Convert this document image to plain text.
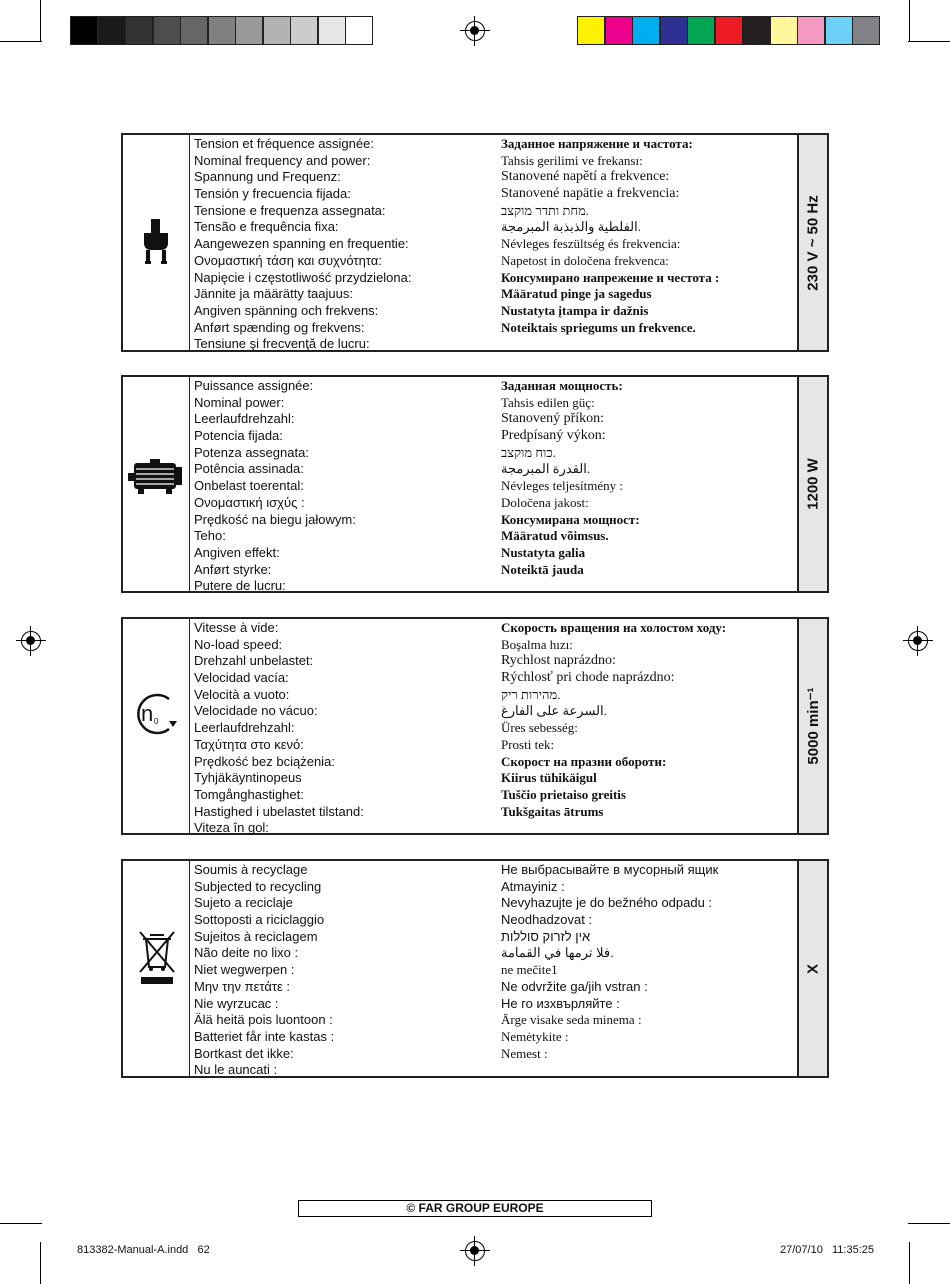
Tension et fréquence assignée:
Nominal frequency and power:
Spannung und Frequenz:
Tensión y frecuencia fijada:
Tensione e frequenza assegnata:
Tensão e frequência fixa:
Aangewezen spanning en frequentie:
Ονομαστική τάση και συχνότητα:
Napięcie i częstotliwość przydzielona:
Jännite ja määrätty taajuus:
Angiven spänning och frekvens:
Anført spænding og frekvens:
Tensiune şi frecvenţă de lucru:
Заданное напряжение и частота:
Tahsis gerilimi ve frekansı:
Stanovené napětí a frekvence:
Stanovené napätie a frekvencia:
מחת ותדר מוקצב.
الفلطية والذبذبة المبرمجة.
Névleges feszültség és frekvencia:
Napetost in določena frekvenca:
Консумирано напрежение и честота :
Määratud pinge ja sagedus
Nustatyta įtampa ir dažnis
Noteiktais spriegums un frekvence.
230 V ~ 50 Hz
Puissance assignée:
Nominal power:
Leerlaufdrehzahl:
Potencia fijada:
Potenza assegnata:
Potência assinada:
Onbelast toerental:
Ονομαστική ισχύς :
Prędkość na biegu jałowym:
Teho:
Angiven effekt:
Anført styrke:
Putere de lucru:
Заданная мощность:
Tahsis edilen güç:
Stanovený příkon:
Predpísaný výkon:
כוח מוקצב.
القدرة المبرمجة.
Névleges teljesítmény :
Določena jakost:
Консумирана мощност:
Määratud võimsus.
Nustatyta galia
Noteiktā jauda
1200 W
n 0
Vitesse à vide:
No-load speed:
Drehzahl unbelastet:
Velocidad vacía:
Velocità a vuoto:
Velocidade no vácuo:
Leerlaufdrehzahl:
Ταχύτητα στο κενό:
Prędkość bez bciążenia:
Tyhjäkäyntinopeus
Tomgånghastighet:
Hastighed i ubelastet tilstand:
Viteza în gol:
Скорость вращения на холостом ходу:
Boşalma hızı:
Rychlost naprázdno:
Rýchlosť pri chode naprázdno:
מהירות ריק.
السرعة على الفارغ.
Üres sebesség:
Prosti tek:
Скорост на празни обороти:
Kiirus tühikäigul
Tuščio prietaiso greitis
Tukšgaitas ātrums
5000 min⁻¹
Soumis à recyclage
Subjected to recycling
Sujeto a reciclaje
Sottoposti a riciclaggio
Sujeitos à reciclagem
Não deite no lixo :
Niet wegwerpen :
Μην την πετάτε :
Nie wyrzucac :
Älä heitä pois luontoon :
Batteriet får inte kastas :
Bortkast det ikke:
Nu le auncati :
Не выбрасывайте в мусорный ящик
Atmayiniz :
Nevyhazujte je do bežného odpadu :
Neodhadzovat :
אין לזרוק סוללות
فلا ترمها في القمامة.
ne mečite1
Ne odvržite ga/jih vstran :
Не го изхвърляйте :
Ärge visake seda minema :
Nemėtykite :
Nemest :
X
© FAR GROUP EUROPE
813382-Manual-A.indd   62	27/07/10   11:35:25
